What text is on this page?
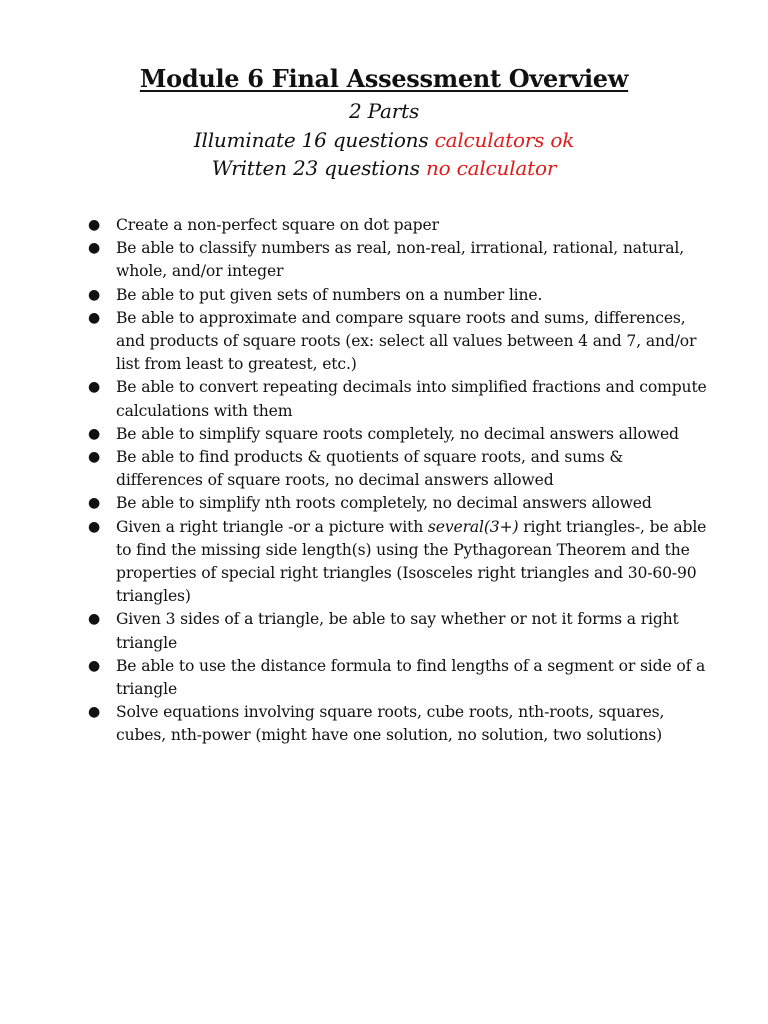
Module 6 Final Assessment Overview
2 Parts
Illuminate 16 questions calculators ok
Written 23 questions no calculator
● Create a non-perfect square on dot paper
● Be able to classify numbers as real, non-real, irrational, rational, natural, whole, and/or integer
● Be able to put given sets of numbers on a number line.
● Be able to approximate and compare square roots and sums, differences, and products of square roots (ex: select all values between 4 and 7, and/or list from least to greatest, etc.)
● Be able to convert repeating decimals into simplified fractions and compute calculations with them
● Be able to simplify square roots completely, no decimal answers allowed
● Be able to find products & quotients of square roots, and sums & differences of square roots, no decimal answers allowed
● Be able to simplify nth roots completely, no decimal answers allowed
● Given a right triangle -or a picture with several(3+) right triangles-, be able to find the missing side length(s) using the Pythagorean Theorem and the properties of special right triangles (Isosceles right triangles and 30-60-90 triangles)
● Given 3 sides of a triangle, be able to say whether or not it forms a right triangle
● Be able to use the distance formula to find lengths of a segment or side of a triangle
● Solve equations involving square roots, cube roots, nth-roots, squares, cubes, nth-power (might have one solution, no solution, two solutions)
